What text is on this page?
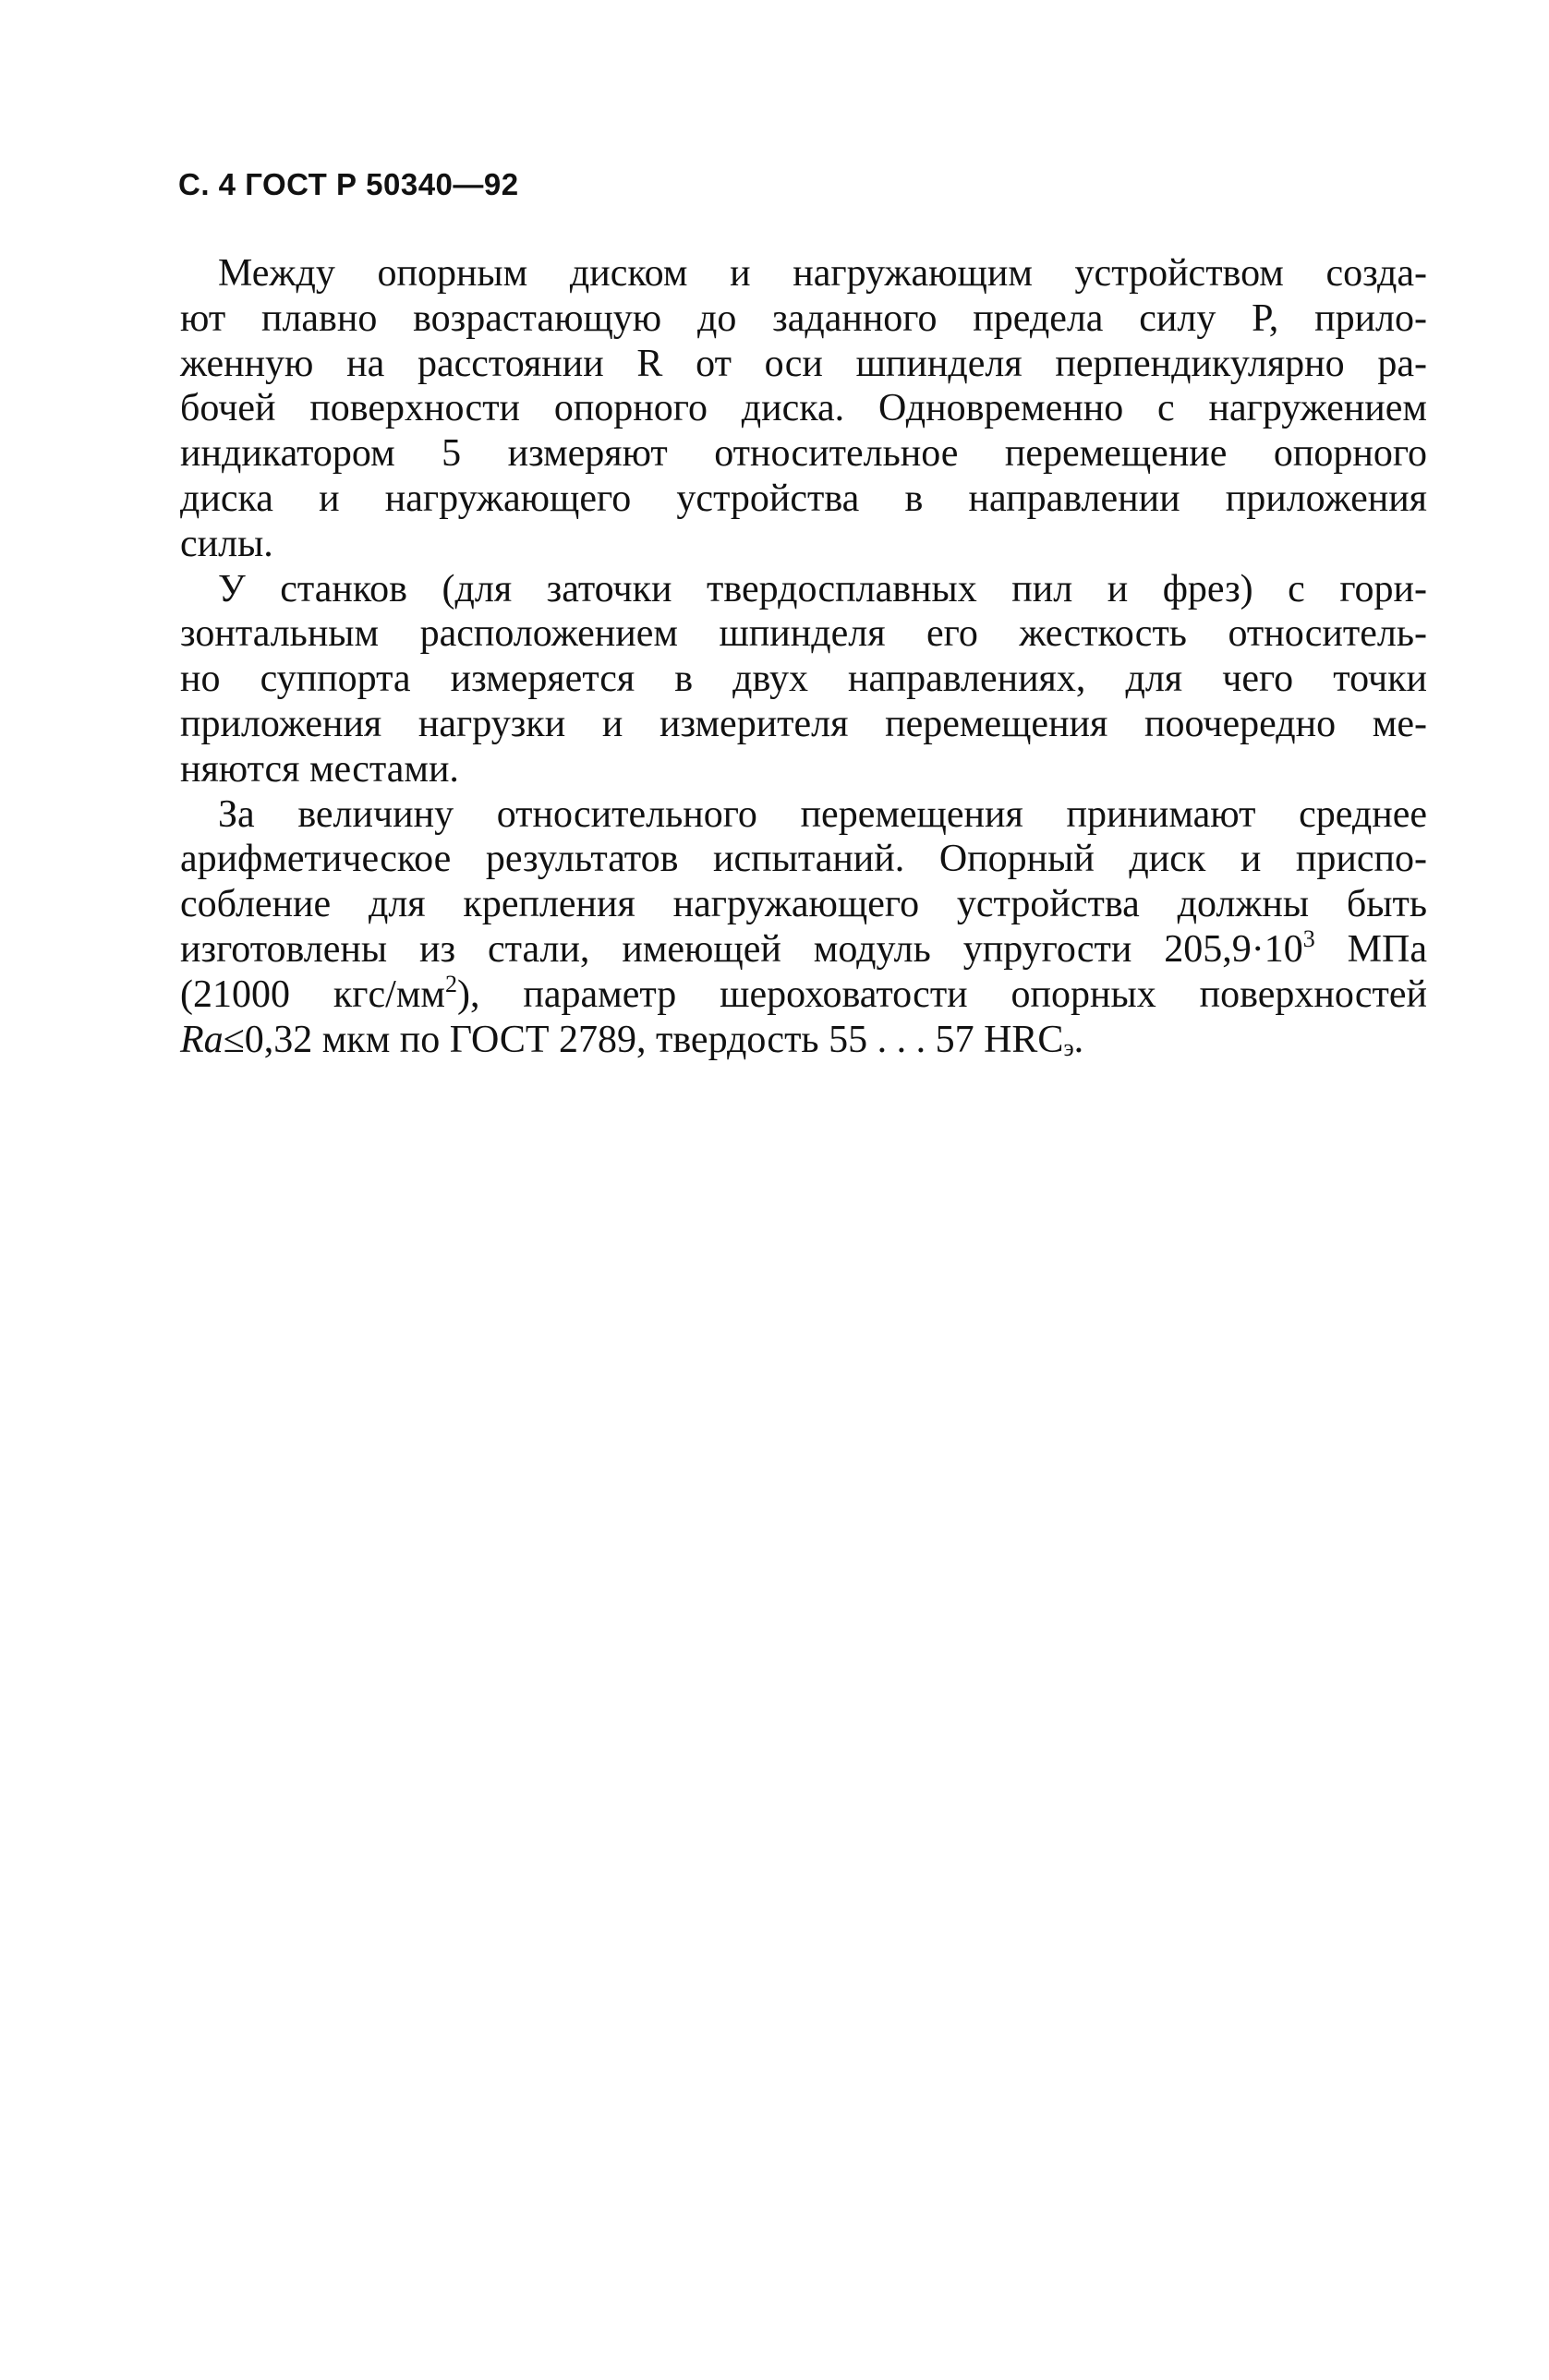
С. 4 ГОСТ Р 50340—92
Между опорным диском и нагружающим устройством созда-
ют плавно возрастающую до заданного предела силу P, прило-
женную на расстоянии R от оси шпинделя перпендикулярно ра-
бочей поверхности опорного диска. Одновременно с нагружением
индикатором 5 измеряют относительное перемещение опорного
диска и нагружающего устройства в направлении приложения
силы.
У станков (для заточки твердосплавных пил и фрез) с гори-
зонтальным расположением шпинделя его жесткость относитель-
но суппорта измеряется в двух направлениях, для чего точки
приложения нагрузки и измерителя перемещения поочередно ме-
няются местами.
За величину относительного перемещения принимают среднее
арифметическое результатов испытаний. Опорный диск и приспо-
собление для крепления нагружающего устройства должны быть
изготовлены из стали, имеющей модуль упругости $205,9\cdot 10^3$ МПа
(21000 кгс/$мм^2$), параметр шероховатости опорных поверхностей
Ra≤0,32 мкм по ГОСТ 2789, твердость 55 . . . 57 $HRC_э$.
